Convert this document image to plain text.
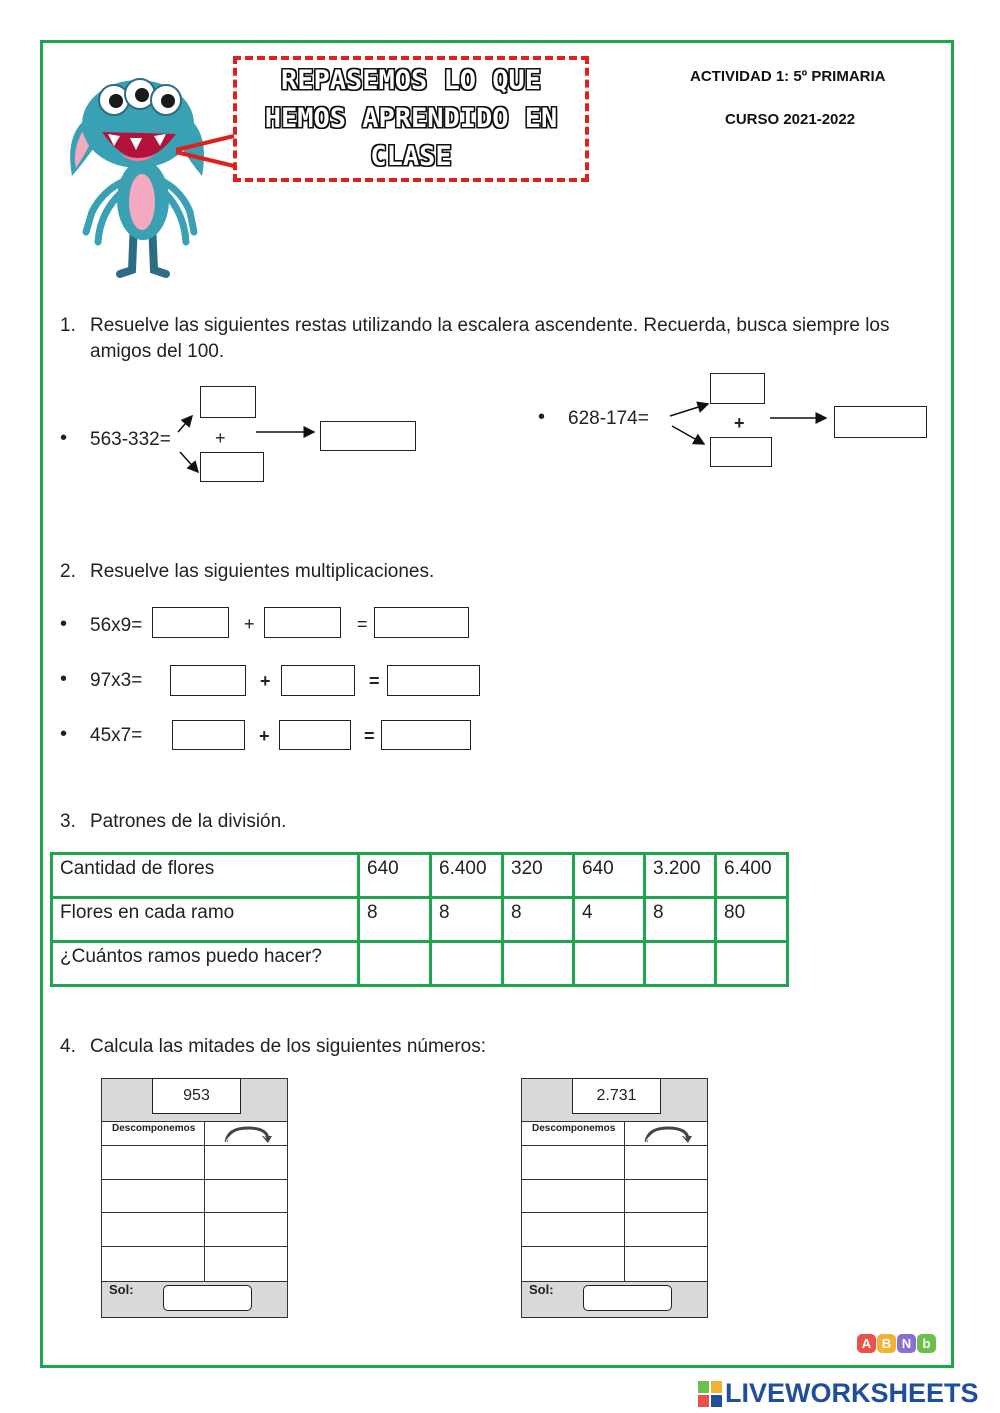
REPASEMOS LO QUE
HEMOS APRENDIDO EN
CLASE
ACTIVIDAD 1: 5º PRIMARIA
CURSO 2021-2022
1. Resuelve las siguientes restas utilizando la escalera ascendente. Recuerda, busca siempre los
amigos del 100.
• 563-332= +
• 628-174=	+
2. Resuelve las siguientes multiplicaciones.
• 56x9=	+	=
• 97x3=	+	=
• 45x7=	+	=
3. Patrones de la división.
Cantidad de flores	640	6.400	320	640	3.200	6.400
Flores en cada ramo	8	8	8	4	8	80
¿Cuántos ramos puedo hacer?						
4. Calcula las mitades de los siguientes números:
953
Descomponemos
Sol:
2.731
Descomponemos
Sol:
A B N b
LIVEWORKSHEETS
